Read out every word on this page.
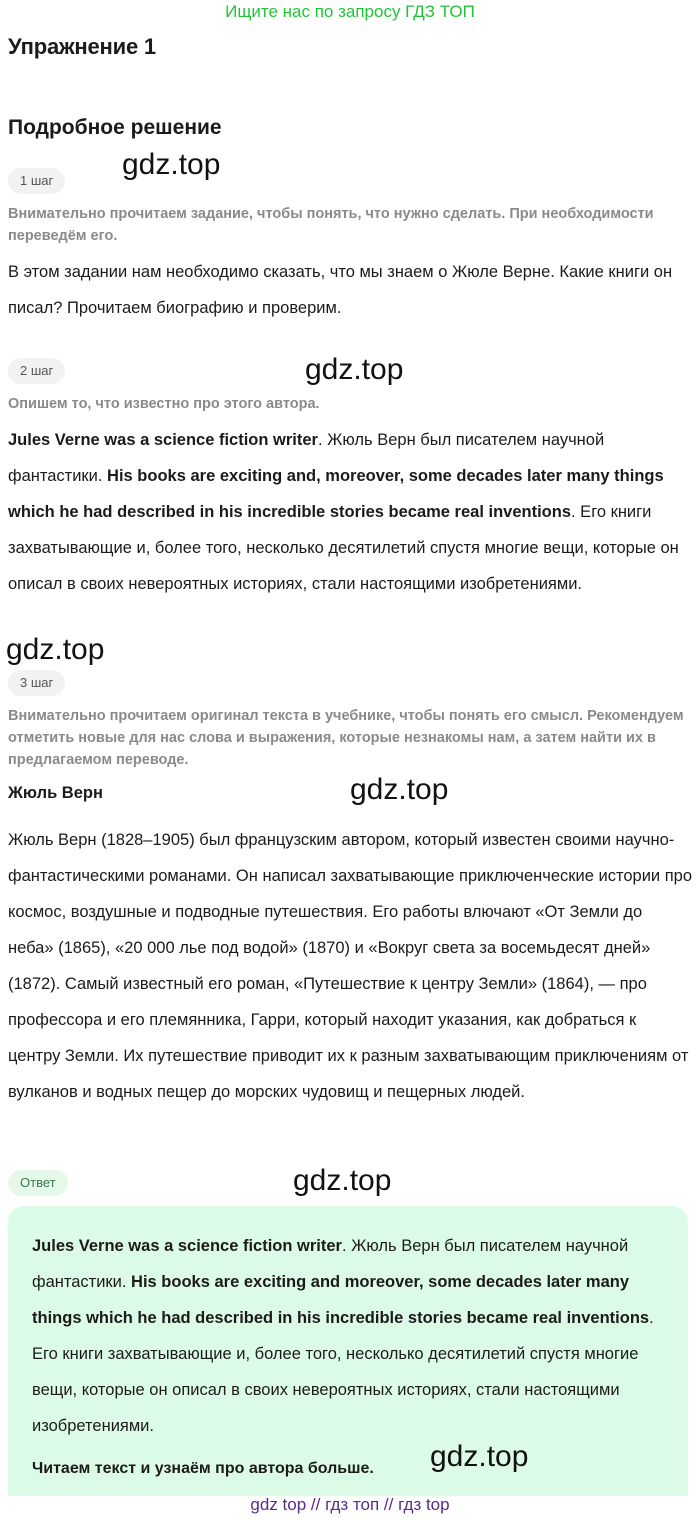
Ищите нас по запросу ГДЗ ТОП
Упражнение 1
Подробное решение
1 шаг	gdz.top
Внимательно прочитаем задание, чтобы понять, что нужно сделать. При необходимости переведём его.
В этом задании нам необходимо сказать, что мы знаем о Жюле Верне. Какие книги он писал? Прочитаем биографию и проверим.
2 шаг	gdz.top
Опишем то, что известно про этого автора.
Jules Verne was a science fiction writer. Жюль Верн был писателем научной фантастики. His books are exciting and, moreover, some decades later many things which he had described in his incredible stories became real inventions. Его книги захватывающие и, более того, несколько десятилетий спустя многие вещи, которые он описал в своих невероятных историях, стали настоящими изобретениями.
gdz.top
3 шаг
Внимательно прочитаем оригинал текста в учебнике, чтобы понять его смысл. Рекомендуем отметить новые для нас слова и выражения, которые незнакомы нам, а затем найти их в предлагаемом переводе.
Жюль Верн	gdz.top
Жюль Верн (1828–1905) был французским автором, который известен своими научно-фантастическими романами. Он написал захватывающие приключенческие истории про космос, воздушные и подводные путешествия. Его работы влючают «От Земли до неба» (1865), «20 000 лье под водой» (1870) и «Вокруг света за восемьдесят дней» (1872). Самый известный его роман, «Путешествие к центру Земли» (1864), — про профессора и его племянника, Гарри, который находит указания, как добраться к центру Земли. Их путешествие приводит их к разным захватывающим приключениям от вулканов и водных пещер до морских чудовищ и пещерных людей.
Ответ	gdz.top
Jules Verne was a science fiction writer. Жюль Верн был писателем научной фантастики. His books are exciting and moreover, some decades later many things which he had described in his incredible stories became real inventions. Его книги захватывающие и, более того, несколько десятилетий спустя многие вещи, которые он описал в своих невероятных историях, стали настоящими изобретениями.
Читаем текст и узнаём про автора больше. gdz.top
gdz top // гдз топ // гдз top
